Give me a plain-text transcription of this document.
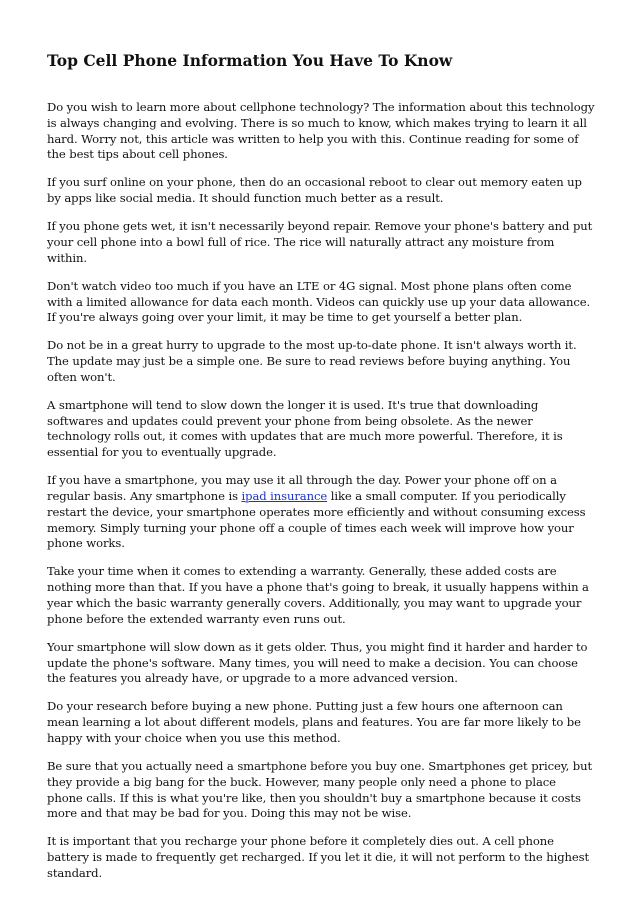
Top Cell Phone Information You Have To Know

Do you wish to learn more about cellphone technology? The information about this technology is always changing and evolving. There is so much to know, which makes trying to learn it all hard. Worry not, this article was written to help you with this. Continue reading for some of the best tips about cell phones.

If you surf online on your phone, then do an occasional reboot to clear out memory eaten up by apps like social media. It should function much better as a result.

If you phone gets wet, it isn't necessarily beyond repair. Remove your phone's battery and put your cell phone into a bowl full of rice. The rice will naturally attract any moisture from within.

Don't watch video too much if you have an LTE or 4G signal. Most phone plans often come with a limited allowance for data each month. Videos can quickly use up your data allowance. If you're always going over your limit, it may be time to get yourself a better plan.

Do not be in a great hurry to upgrade to the most up-to-date phone. It isn't always worth it. The update may just be a simple one. Be sure to read reviews before buying anything. You often won't.

A smartphone will tend to slow down the longer it is used. It's true that downloading softwares and updates could prevent your phone from being obsolete. As the newer technology rolls out, it comes with updates that are much more powerful. Therefore, it is essential for you to eventually upgrade.

If you have a smartphone, you may use it all through the day. Power your phone off on a regular basis. Any smartphone is ipad insurance like a small computer. If you periodically restart the device, your smartphone operates more efficiently and without consuming excess memory. Simply turning your phone off a couple of times each week will improve how your phone works.

Take your time when it comes to extending a warranty. Generally, these added costs are nothing more than that. If you have a phone that's going to break, it usually happens within a year which the basic warranty generally covers. Additionally, you may want to upgrade your phone before the extended warranty even runs out.

Your smartphone will slow down as it gets older. Thus, you might find it harder and harder to update the phone's software. Many times, you will need to make a decision. You can choose the features you already have, or upgrade to a more advanced version.

Do your research before buying a new phone. Putting just a few hours one afternoon can mean learning a lot about different models, plans and features. You are far more likely to be happy with your choice when you use this method.

Be sure that you actually need a smartphone before you buy one. Smartphones get pricey, but they provide a big bang for the buck. However, many people only need a phone to place phone calls. If this is what you're like, then you shouldn't buy a smartphone because it costs more and that may be bad for you. Doing this may not be wise.

It is important that you recharge your phone before it completely dies out. A cell phone battery is made to frequently get recharged. If you let it die, it will not perform to the highest standard.
